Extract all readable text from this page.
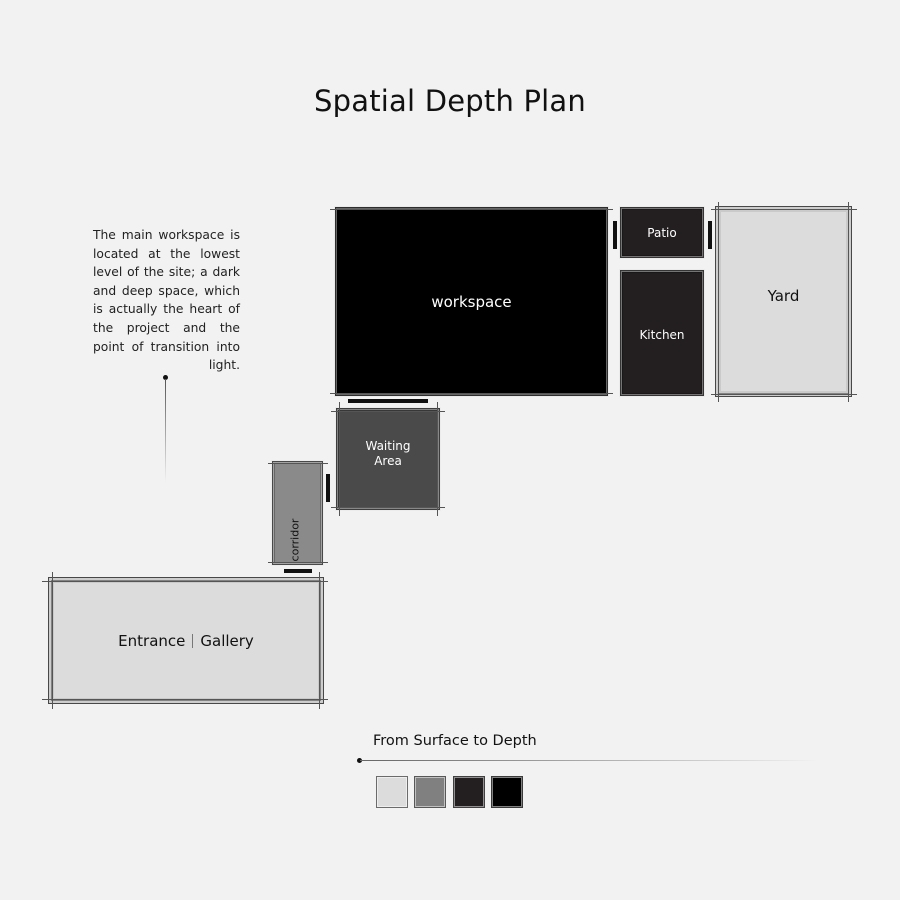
Spatial Depth Plan
The main workspace is located at the lowest level of the site; a dark and deep space, which is actually the heart of the project and the point of transition into light.
workspace
Patio
Kitchen
Yard
Waiting Area
corridor
Entrance Gallery
From Surface to Depth
